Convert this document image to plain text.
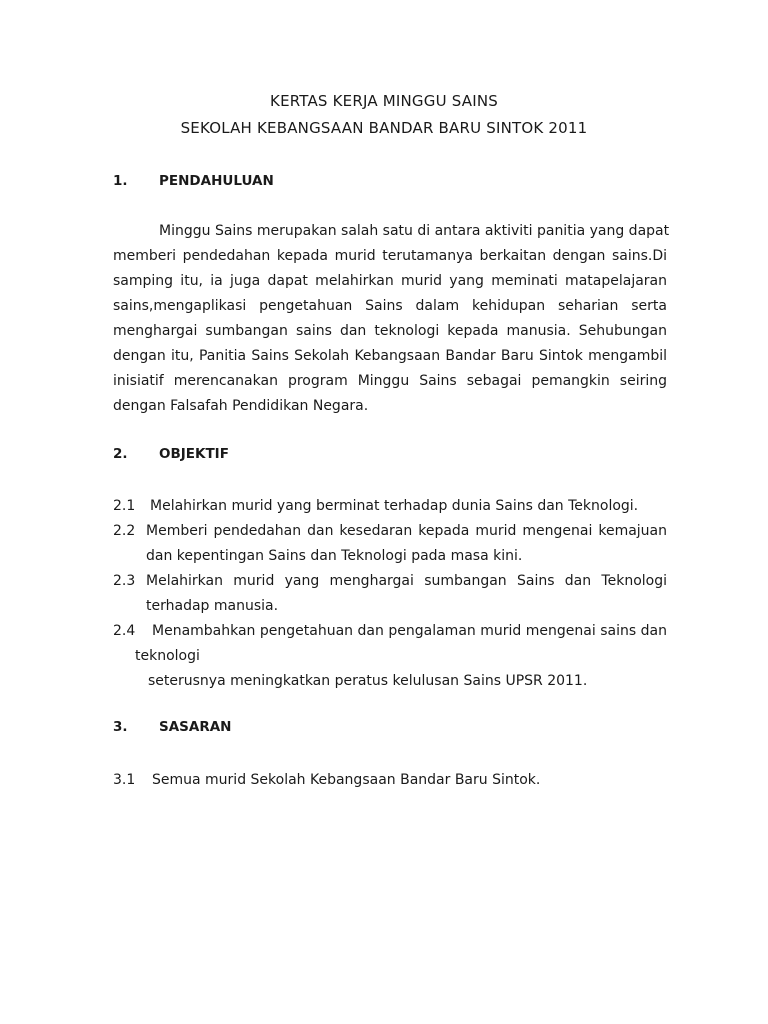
KERTAS KERJA MINGGU SAINS
SEKOLAH KEBANGSAAN BANDAR BARU SINTOK 2011
1. PENDAHULUAN
Minggu Sains merupakan salah satu di antara aktiviti panitia yang dapat
memberi pendedahan kepada murid terutamanya berkaitan dengan sains.Di
samping itu, ia juga dapat melahirkan murid yang meminati matapelajaran
sains,mengaplikasi pengetahuan Sains dalam kehidupan seharian serta
menghargai sumbangan sains dan teknologi kepada manusia. Sehubungan
dengan itu, Panitia Sains Sekolah Kebangsaan Bandar Baru Sintok mengambil
inisiatif merencanakan program Minggu Sains sebagai pemangkin seiring
dengan Falsafah Pendidikan Negara.
2. OBJEKTIF
2.1	Melahirkan murid yang berminat terhadap dunia Sains dan Teknologi.
2.2 Memberi pendedahan dan kesedaran kepada murid mengenai kemajuan
dan kepentingan Sains dan Teknologi pada masa kini.
2.3 Melahirkan murid yang menghargai sumbangan Sains dan Teknologi
terhadap manusia.
2.4	Menambahkan pengetahuan dan pengalaman murid mengenai sains dan
teknologi
seterusnya meningkatkan peratus kelulusan Sains UPSR 2011.
3. SASARAN
3.1	Semua murid Sekolah Kebangsaan Bandar Baru Sintok.
